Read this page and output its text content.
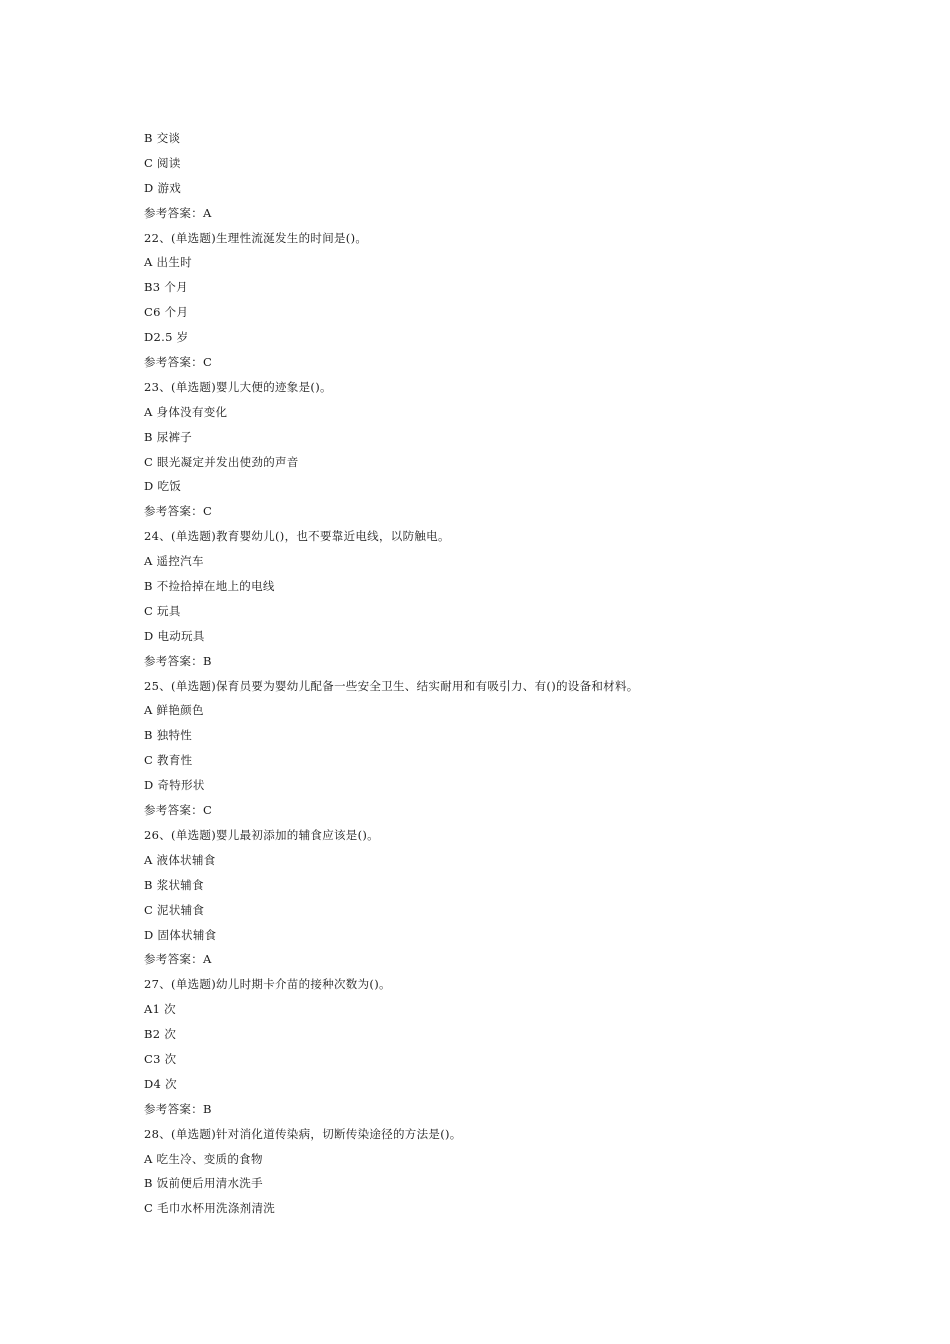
B 交谈
C 阅读
D 游戏
参考答案：A
22、(单选题)生理性流涎发生的时间是()。
A 出生时
B3 个月
C6 个月
D2.5 岁
参考答案：C
23、(单选题)婴儿大便的迹象是()。
A 身体没有变化
B 尿裤子
C 眼光凝定并发出使劲的声音
D 吃饭
参考答案：C
24、(单选题)教育婴幼儿()，也不要靠近电线，以防触电。
A 遥控汽车
B 不捡拾掉在地上的电线
C 玩具
D 电动玩具
参考答案：B
25、(单选题)保育员要为婴幼儿配备一些安全卫生、结实耐用和有吸引力、有()的设备和材料。
A 鲜艳颜色
B 独特性
C 教育性
D 奇特形状
参考答案：C
26、(单选题)婴儿最初添加的辅食应该是()。
A 液体状辅食
B 浆状辅食
C 泥状辅食
D 固体状辅食
参考答案：A
27、(单选题)幼儿时期卡介苗的接种次数为()。
A1 次
B2 次
C3 次
D4 次
参考答案：B
28、(单选题)针对消化道传染病，切断传染途径的方法是()。
A 吃生冷、变质的食物
B 饭前便后用清水洗手
C 毛巾水杯用洗涤剂清洗
